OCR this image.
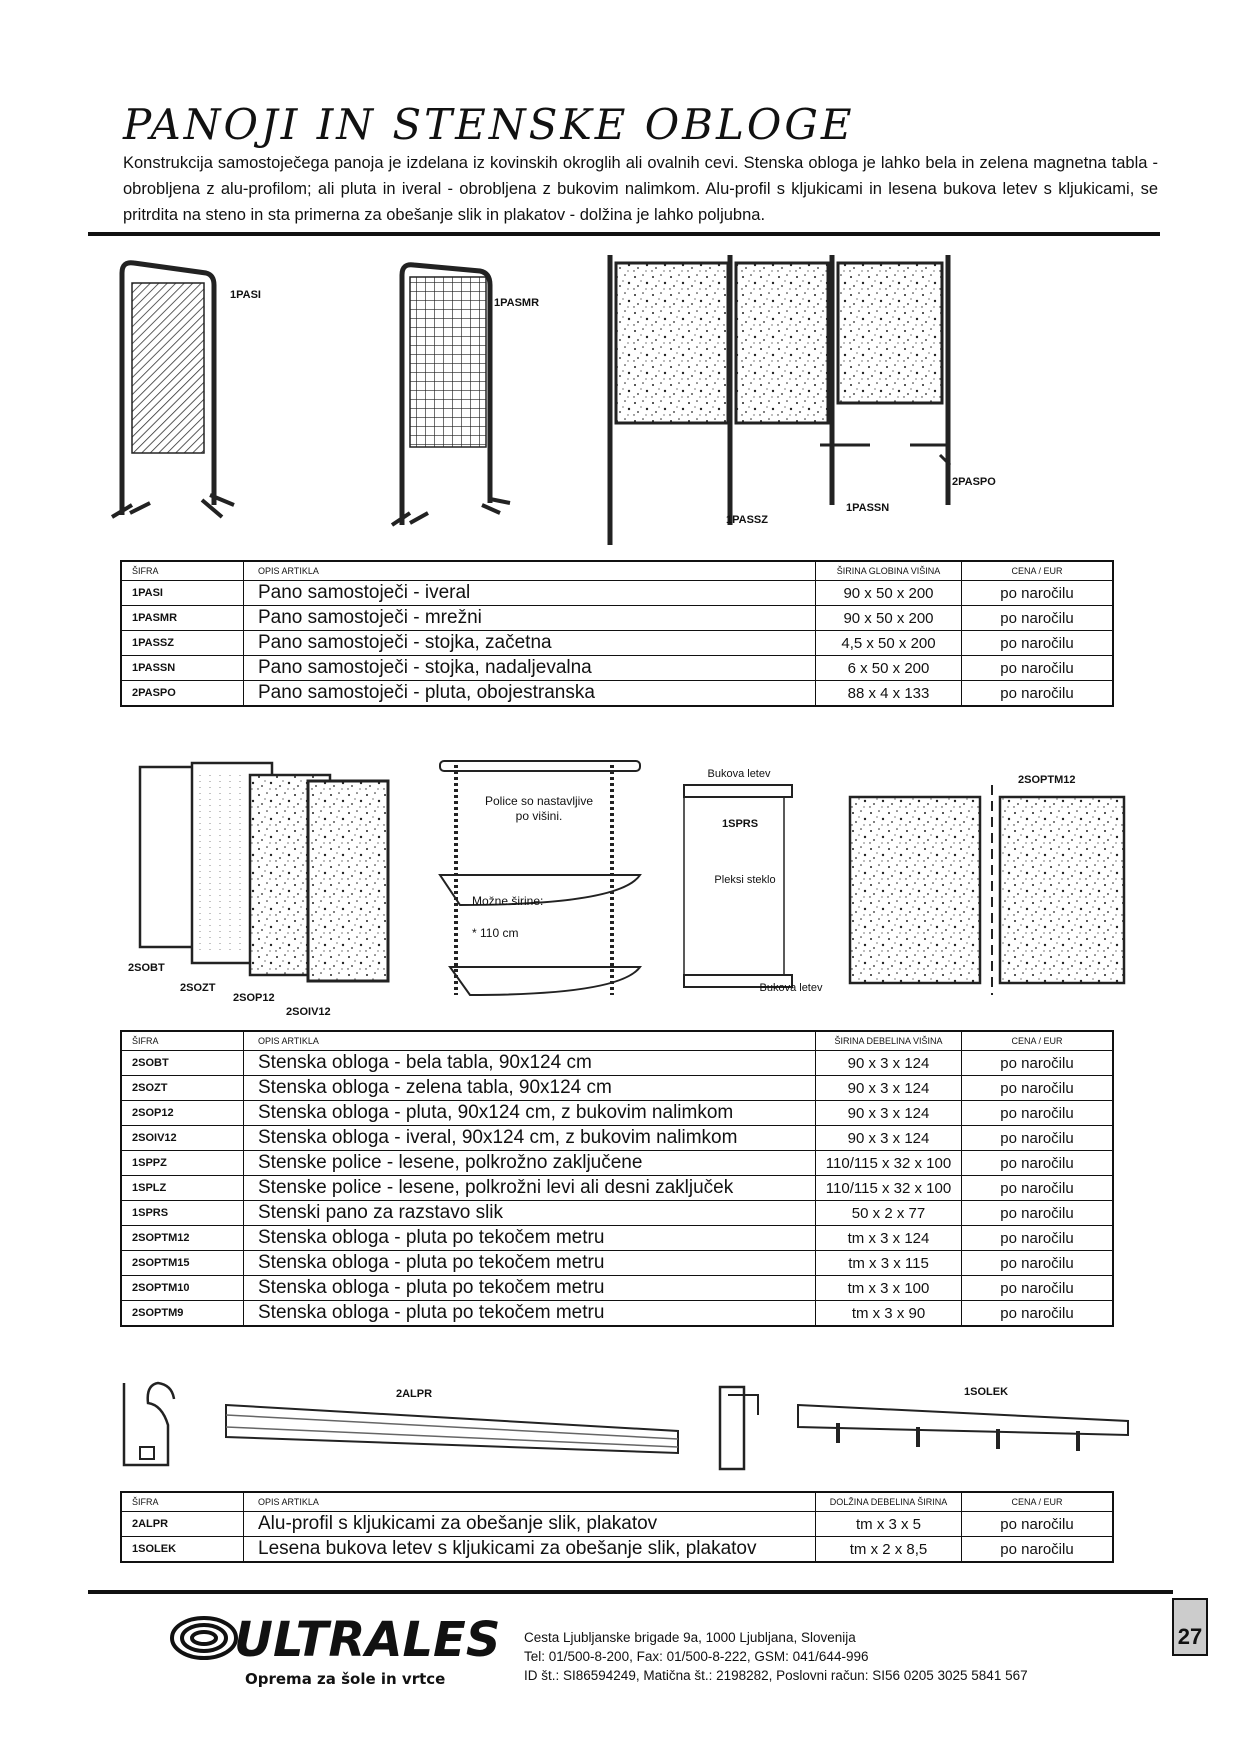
PANOJI IN STENSKE OBLOGE
Konstrukcija samostoječega panoja je izdelana iz kovinskih okroglih ali ovalnih cevi. Stenska obloga je lahko bela in zelena magnetna tabla - obrobljena z alu-profilom; ali pluta in iveral - obrobljena z bukovim nalimkom. Alu-profil s kljukicami in lesena bukova letev s kljukicami, se pritrdita na steno in sta primerna za obešanje slik in plakatov - dolžina je lahko poljubna.
1PASI
1PASMR
1PASSZ
1PASSN
2PASPO
ŠIFRA	OPIS ARTIKLA	ŠIRINA GLOBINA VIŠINA	CENA / EUR
1PASI	Pano samostoječi - iveral	90 x 50 x 200	po naročilu
1PASMR	Pano samostoječi - mrežni	90 x 50 x 200	po naročilu
1PASSZ	Pano samostoječi - stojka, začetna	4,5 x 50 x 200	po naročilu
1PASSN	Pano samostoječi - stojka, nadaljevalna	6 x 50 x 200	po naročilu
2PASPO	Pano samostoječi - pluta, obojestranska	88 x 4 x 133	po naročilu
2SOBT
2SOZT
2SOP12
2SOIV12
Police so nastavljive po višini.
Možne širine:
* 110 cm
Bukova letev
1SPRS
Pleksi steklo
Bukova letev
2SOPTM12
ŠIFRA	OPIS ARTIKLA	ŠIRINA DEBELINA VIŠINA	CENA / EUR
2SOBT	Stenska obloga - bela tabla, 90x124 cm	90 x 3 x 124	po naročilu
2SOZT	Stenska obloga - zelena tabla, 90x124 cm	90 x 3 x 124	po naročilu
2SOP12	Stenska obloga - pluta, 90x124 cm, z bukovim nalimkom	90 x 3 x 124	po naročilu
2SOIV12	Stenska obloga - iveral, 90x124 cm, z bukovim nalimkom	90 x 3 x 124	po naročilu
1SPPZ	Stenske police - lesene, polkrožno zaključene	110/115 x 32 x 100	po naročilu
1SPLZ	Stenske police - lesene, polkrožni levi ali desni zaključek	110/115 x 32 x 100	po naročilu
1SPRS	Stenski pano za razstavo slik	50 x 2 x 77	po naročilu
2SOPTM12	Stenska obloga - pluta po tekočem metru	tm x 3 x 124	po naročilu
2SOPTM15	Stenska obloga - pluta po tekočem metru	tm x 3 x 115	po naročilu
2SOPTM10	Stenska obloga - pluta po tekočem metru	tm x 3 x 100	po naročilu
2SOPTM9	Stenska obloga - pluta po tekočem metru	tm x 3 x 90	po naročilu
2ALPR	1SOLEK
ŠIFRA	OPIS ARTIKLA	DOLŽINA DEBELINA ŠIRINA	CENA / EUR
2ALPR	Alu-profil s kljukicami za obešanje slik, plakatov	tm x 3 x 5	po naročilu
1SOLEK	Lesena bukova letev s kljukicami za obešanje slik, plakatov	tm x 2 x 8,5	po naročilu
ULTRALES
Oprema za šole in vrtce
Cesta Ljubljanske brigade 9a, 1000 Ljubljana, Slovenija
Tel: 01/500-8-200, Fax: 01/500-8-222, GSM: 041/644-996
ID št.: SI86594249, Matična št.: 2198282, Poslovni račun: SI56 0205 3025 5841 567
27
